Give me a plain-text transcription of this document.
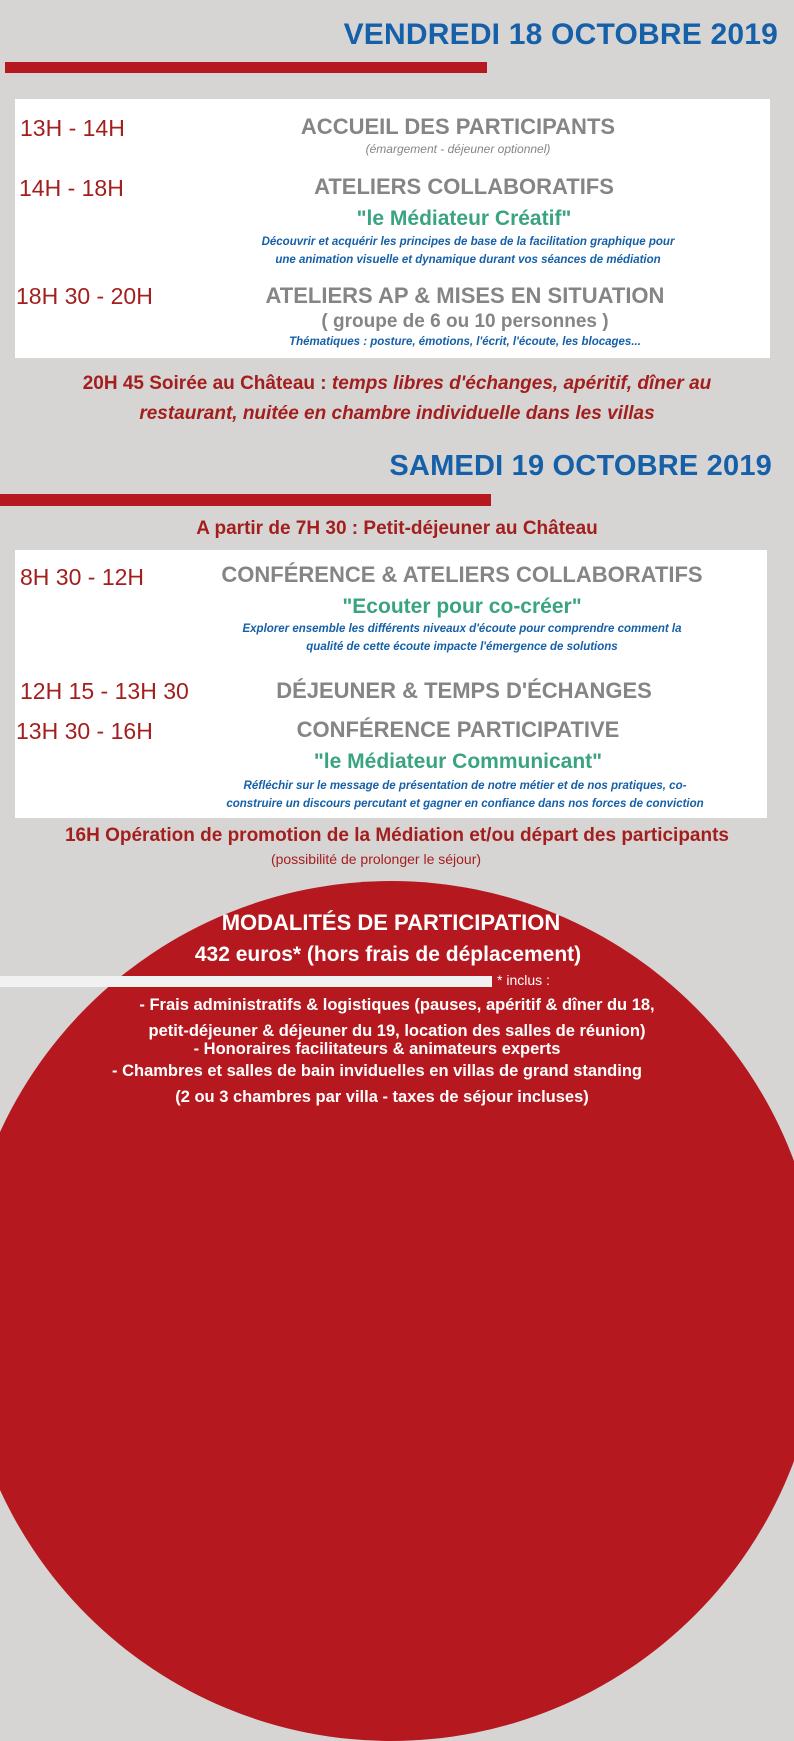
VENDREDI 18 OCTOBRE 2019
13H - 14H	ACCUEIL DES PARTICIPANTS
(émargement - déjeuner optionnel)
14H - 18H	ATELIERS COLLABORATIFS
"le Médiateur Créatif"
Découvrir et acquérir les principes de base de la facilitation graphique pour
une animation visuelle et dynamique durant vos séances de médiation
18H 30 - 20H	ATELIERS AP & MISES EN SITUATION
( groupe de 6 ou 10 personnes )
Thématiques : posture, émotions, l'écrit, l'écoute, les blocages...
20H 45 Soirée au Château : temps libres d'échanges, apéritif, dîner au
restaurant, nuitée en chambre individuelle dans les villas
SAMEDI 19 OCTOBRE 2019
A partir de 7H 30 : Petit-déjeuner au Château
8H 30 - 12H	CONFÉRENCE & ATELIERS COLLABORATIFS
"Ecouter pour co-créer"
Explorer ensemble les différents niveaux d'écoute pour comprendre comment la
qualité de cette écoute impacte l'émergence de solutions
12H 15 - 13H 30	DÉJEUNER & TEMPS D'ÉCHANGES
13H 30 - 16H	CONFÉRENCE PARTICIPATIVE
"le Médiateur Communicant"
Réfléchir sur le message de présentation de notre métier et de nos pratiques, co-
construire un discours percutant et gagner en confiance dans nos forces de conviction
16H Opération de promotion de la Médiation et/ou départ des participants
(possibilité de prolonger le séjour)
MODALITÉS DE PARTICIPATION
432 euros* (hors frais de déplacement)
* inclus :
- Frais administratifs & logistiques (pauses, apéritif & dîner du 18,
petit-déjeuner & déjeuner du 19, location des salles de réunion)
- Honoraires facilitateurs & animateurs experts
- Chambres et salles de bain inviduelles en villas de grand standing
(2 ou 3 chambres par villa - taxes de séjour incluses)
